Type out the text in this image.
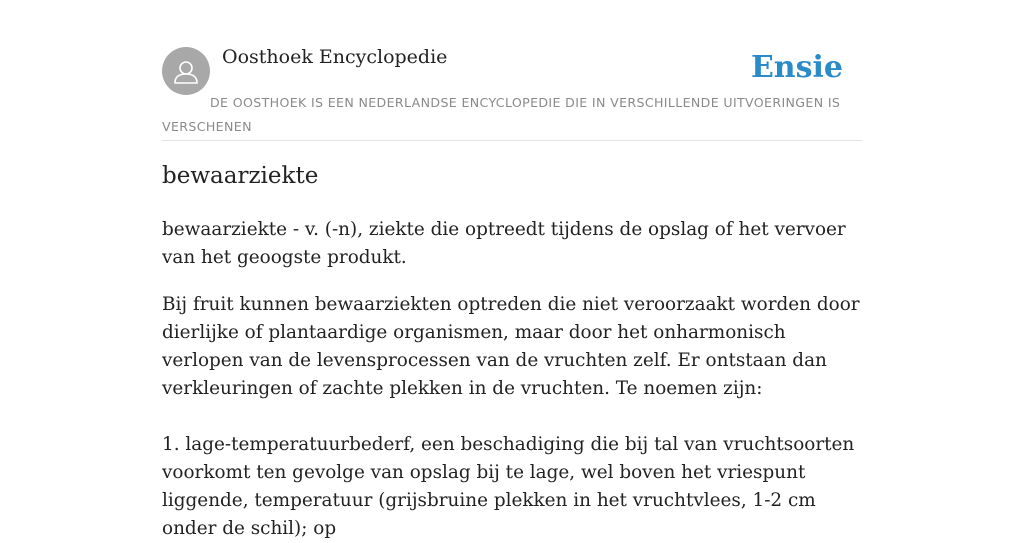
Oosthoek Encyclopedie	Ensie
DE OOSTHOEK IS EEN NEDERLANDSE ENCYCLOPEDIE DIE IN VERSCHILLENDE UITVOERINGEN IS VERSCHENEN
bewaarziekte

bewaarziekte - v. (-n), ziekte die optreedt tijdens de opslag of het vervoer van het geoogste produkt.

Bij fruit kunnen bewaarziekten optreden die niet veroorzaakt worden door dierlijke of plantaardige organismen, maar door het onharmonisch verlopen van de levensprocessen van de vruchten zelf. Er ontstaan dan verkleuringen of zachte plekken in de vruchten. Te noemen zijn:

1. lage-temperatuurbederf, een beschadiging die bij tal van vruchtsoorten voorkomt ten gevolge van opslag bij te lage, wel boven het vriespunt liggende, temperatuur (grijsbruine plekken in het vruchtvlees, 1-2 cm onder de schil); op
